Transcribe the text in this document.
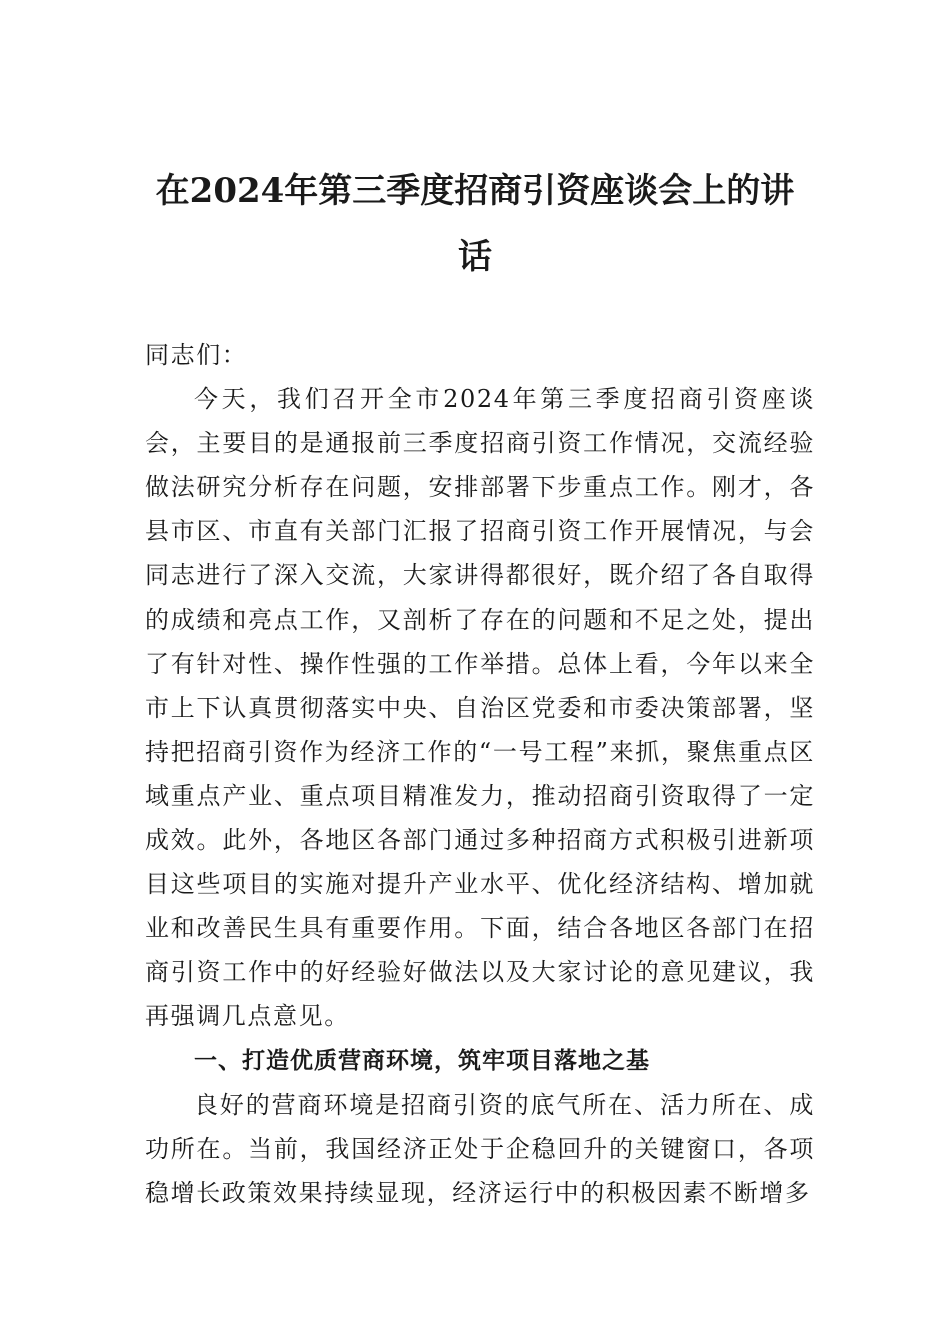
在2024年第三季度招商引资座谈会上的讲话

同志们：

今天，我们召开全市2024年第三季度招商引资座谈会，主要目的是通报前三季度招商引资工作情况，交流经验做法研究分析存在问题，安排部署下步重点工作。刚才，各县市区、市直有关部门汇报了招商引资工作开展情况，与会同志进行了深入交流，大家讲得都很好，既介绍了各自取得的成绩和亮点工作，又剖析了存在的问题和不足之处，提出了有针对性、操作性强的工作举措。总体上看，今年以来全市上下认真贯彻落实中央、自治区党委和市委决策部署，坚持把招商引资作为经济工作的“一号工程”来抓，聚焦重点区域重点产业、重点项目精准发力，推动招商引资取得了一定成效。此外，各地区各部门通过多种招商方式积极引进新项目这些项目的实施对提升产业水平、优化经济结构、增加就业和改善民生具有重要作用。下面，结合各地区各部门在招商引资工作中的好经验好做法以及大家讨论的意见建议，我再强调几点意见。

一、打造优质营商环境，筑牢项目落地之基

良好的营商环境是招商引资的底气所在、活力所在、成功所在。当前，我国经济正处于企稳回升的关键窗口，各项稳增长政策效果持续显现，经济运行中的积极因素不断增多
